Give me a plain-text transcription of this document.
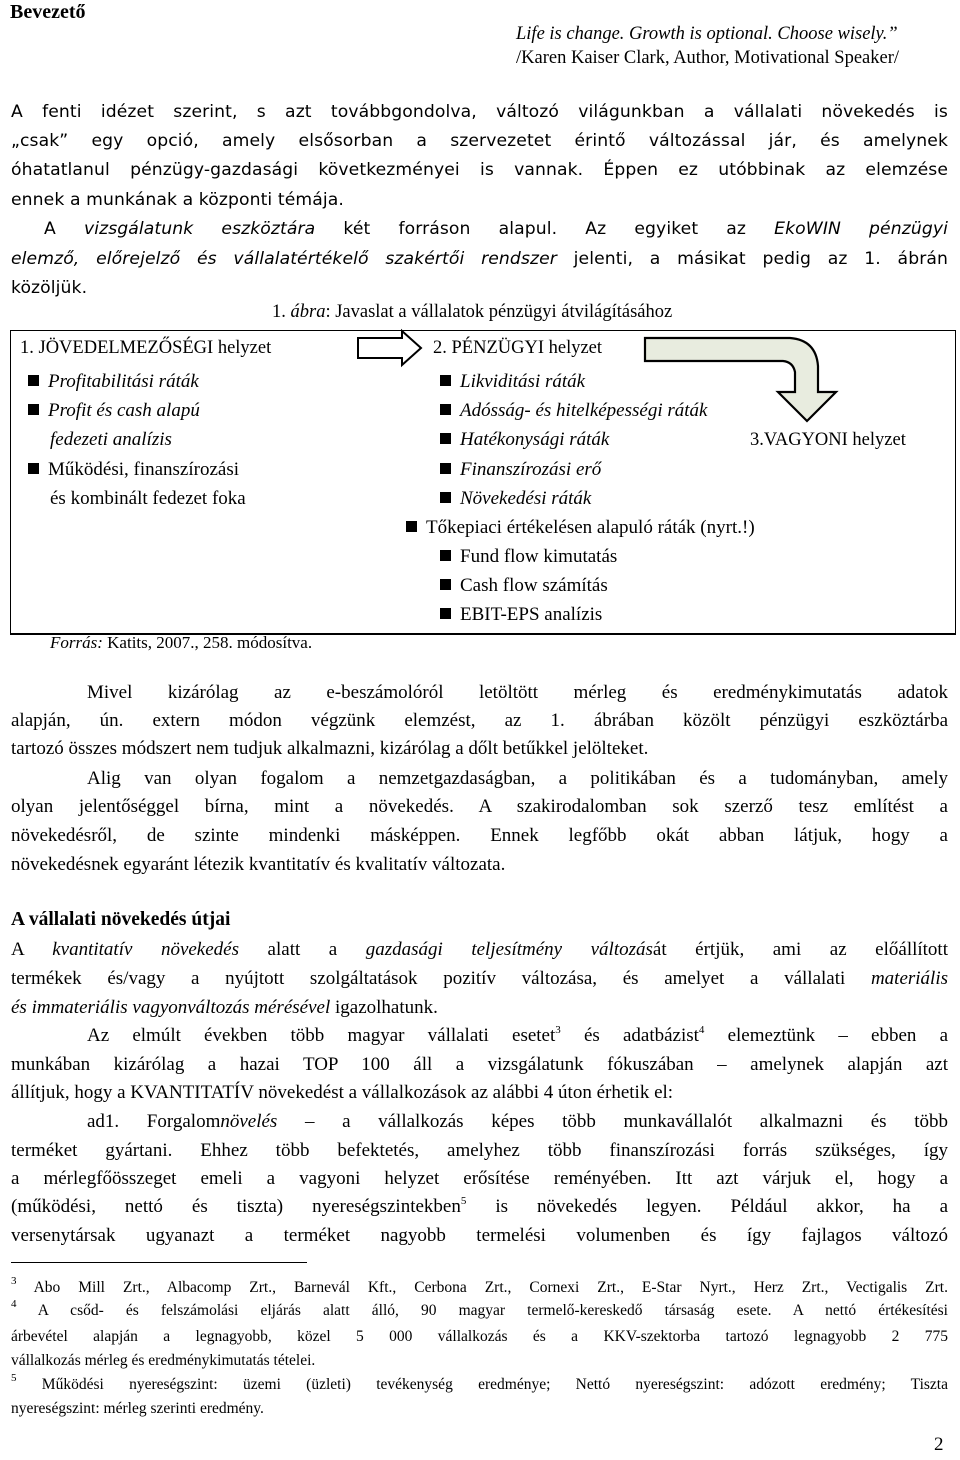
Bevezető
Life is change. Growth is optional. Choose wisely.”
/Karen Kaiser Clark, Author, Motivational Speaker/
A fenti idézet szerint, s azt továbbgondolva, változó világunkban a vállalati növekedés is
„csak” egy opció, amely elsősorban a szervezetet érintő változással jár, és amelynek
óhatatlanul pénzügy-gazdasági következményei is vannak. Éppen ez utóbbinak az elemzése
ennek a munkának a központi témája.
A vizsgálatunk eszköztára két forráson alapul. Az egyiket az EkoWIN pénzügyi
elemző, előrejelző és vállalatértékelő szakértői rendszer jelenti, a másikat pedig az 1. ábrán
közöljük.
1. ábra: Javaslat a vállalatok pénzügyi átvilágításához
1. JÖVEDELMEZŐSÉGI helyzet	2. PÉNZÜGYI helyzet
3.VAGYONI helyzet
Profitabilitási ráták
Profit és cash alapú
fedezeti analízis
Működési, finanszírozási
és kombinált fedezet foka
Likviditási ráták
Adósság- és hitelképességi ráták
Hatékonysági ráták
Finanszírozási erő
Növekedési ráták
Tőkepiaci értékelésen alapuló ráták (nyrt.!)
Fund flow kimutatás
Cash flow számítás
EBIT-EPS analízis
Forrás: Katits, 2007., 258. módosítva.
Mivel kizárólag az e-beszámolóról letöltött mérleg és eredménykimutatás adatok
alapján, ún. extern módon végzünk elemzést, az 1. ábrában közölt pénzügyi eszköztárba
tartozó összes módszert nem tudjuk alkalmazni, kizárólag a dőlt betűkkel jelölteket.
Alig van olyan fogalom a nemzetgazdaságban, a politikában és a tudományban, amely
olyan jelentőséggel bírna, mint a növekedés. A szakirodalomban sok szerző tesz említést a
növekedésről, de szinte mindenki másképpen. Ennek legfőbb okát abban látjuk, hogy a
növekedésnek egyaránt létezik kvantitatív és kvalitatív változata.
A vállalati növekedés útjai
A kvantitatív növekedés alatt a gazdasági teljesítmény változását értjük, ami az előállított
termékek és/vagy a nyújtott szolgáltatások pozitív változása, és amelyet a vállalati materiális
és immateriális vagyonváltozás mérésével igazolhatunk.
Az elmúlt években több magyar vállalati esetet$^3$ és adatbázist$^4$ elemeztünk – ebben a
munkában kizárólag a hazai TOP 100 áll a vizsgálatunk fókuszában – amelynek alapján azt
állítjuk, hogy a KVANTITATÍV növekedést a vállalkozások az alábbi 4 úton érhetik el:
ad1. Forgalomnövelés – a vállalkozás képes több munkavállalót alkalmazni és több
terméket gyártani. Ehhez több befektetés, amelyhez több finanszírozási forrás szükséges, így
a mérlegfőösszeget emeli a vagyoni helyzet erősítése reményében. Itt azt várjuk el, hogy a
(működési, nettó és tiszta) nyereségszintekben$^5$ is növekedés legyen. Például akkor, ha a
versenytársak ugyanazt a terméket nagyobb termelési volumenben és így fajlagos változó
$^3$ Abo Mill Zrt., Albacomp Zrt., Barnevál Kft., Cerbona Zrt., Cornexi Zrt., E-Star Nyrt., Herz Zrt., Vectigalis Zrt.
$^4$ A csőd- és felszámolási eljárás alatt álló, 90 magyar termelő-kereskedő társaság esete. A nettó értékesítési
árbevétel alapján a legnagyobb, közel 5 000 vállalkozás és a KKV-szektorba tartozó legnagyobb 2 775
vállalkozás mérleg és eredménykimutatás tételei.
$^5$ Működési nyereségszint: üzemi (üzleti) tevékenység eredménye; Nettó nyereségszint: adózott eredmény; Tiszta
nyereségszint: mérleg szerinti eredmény.
2
